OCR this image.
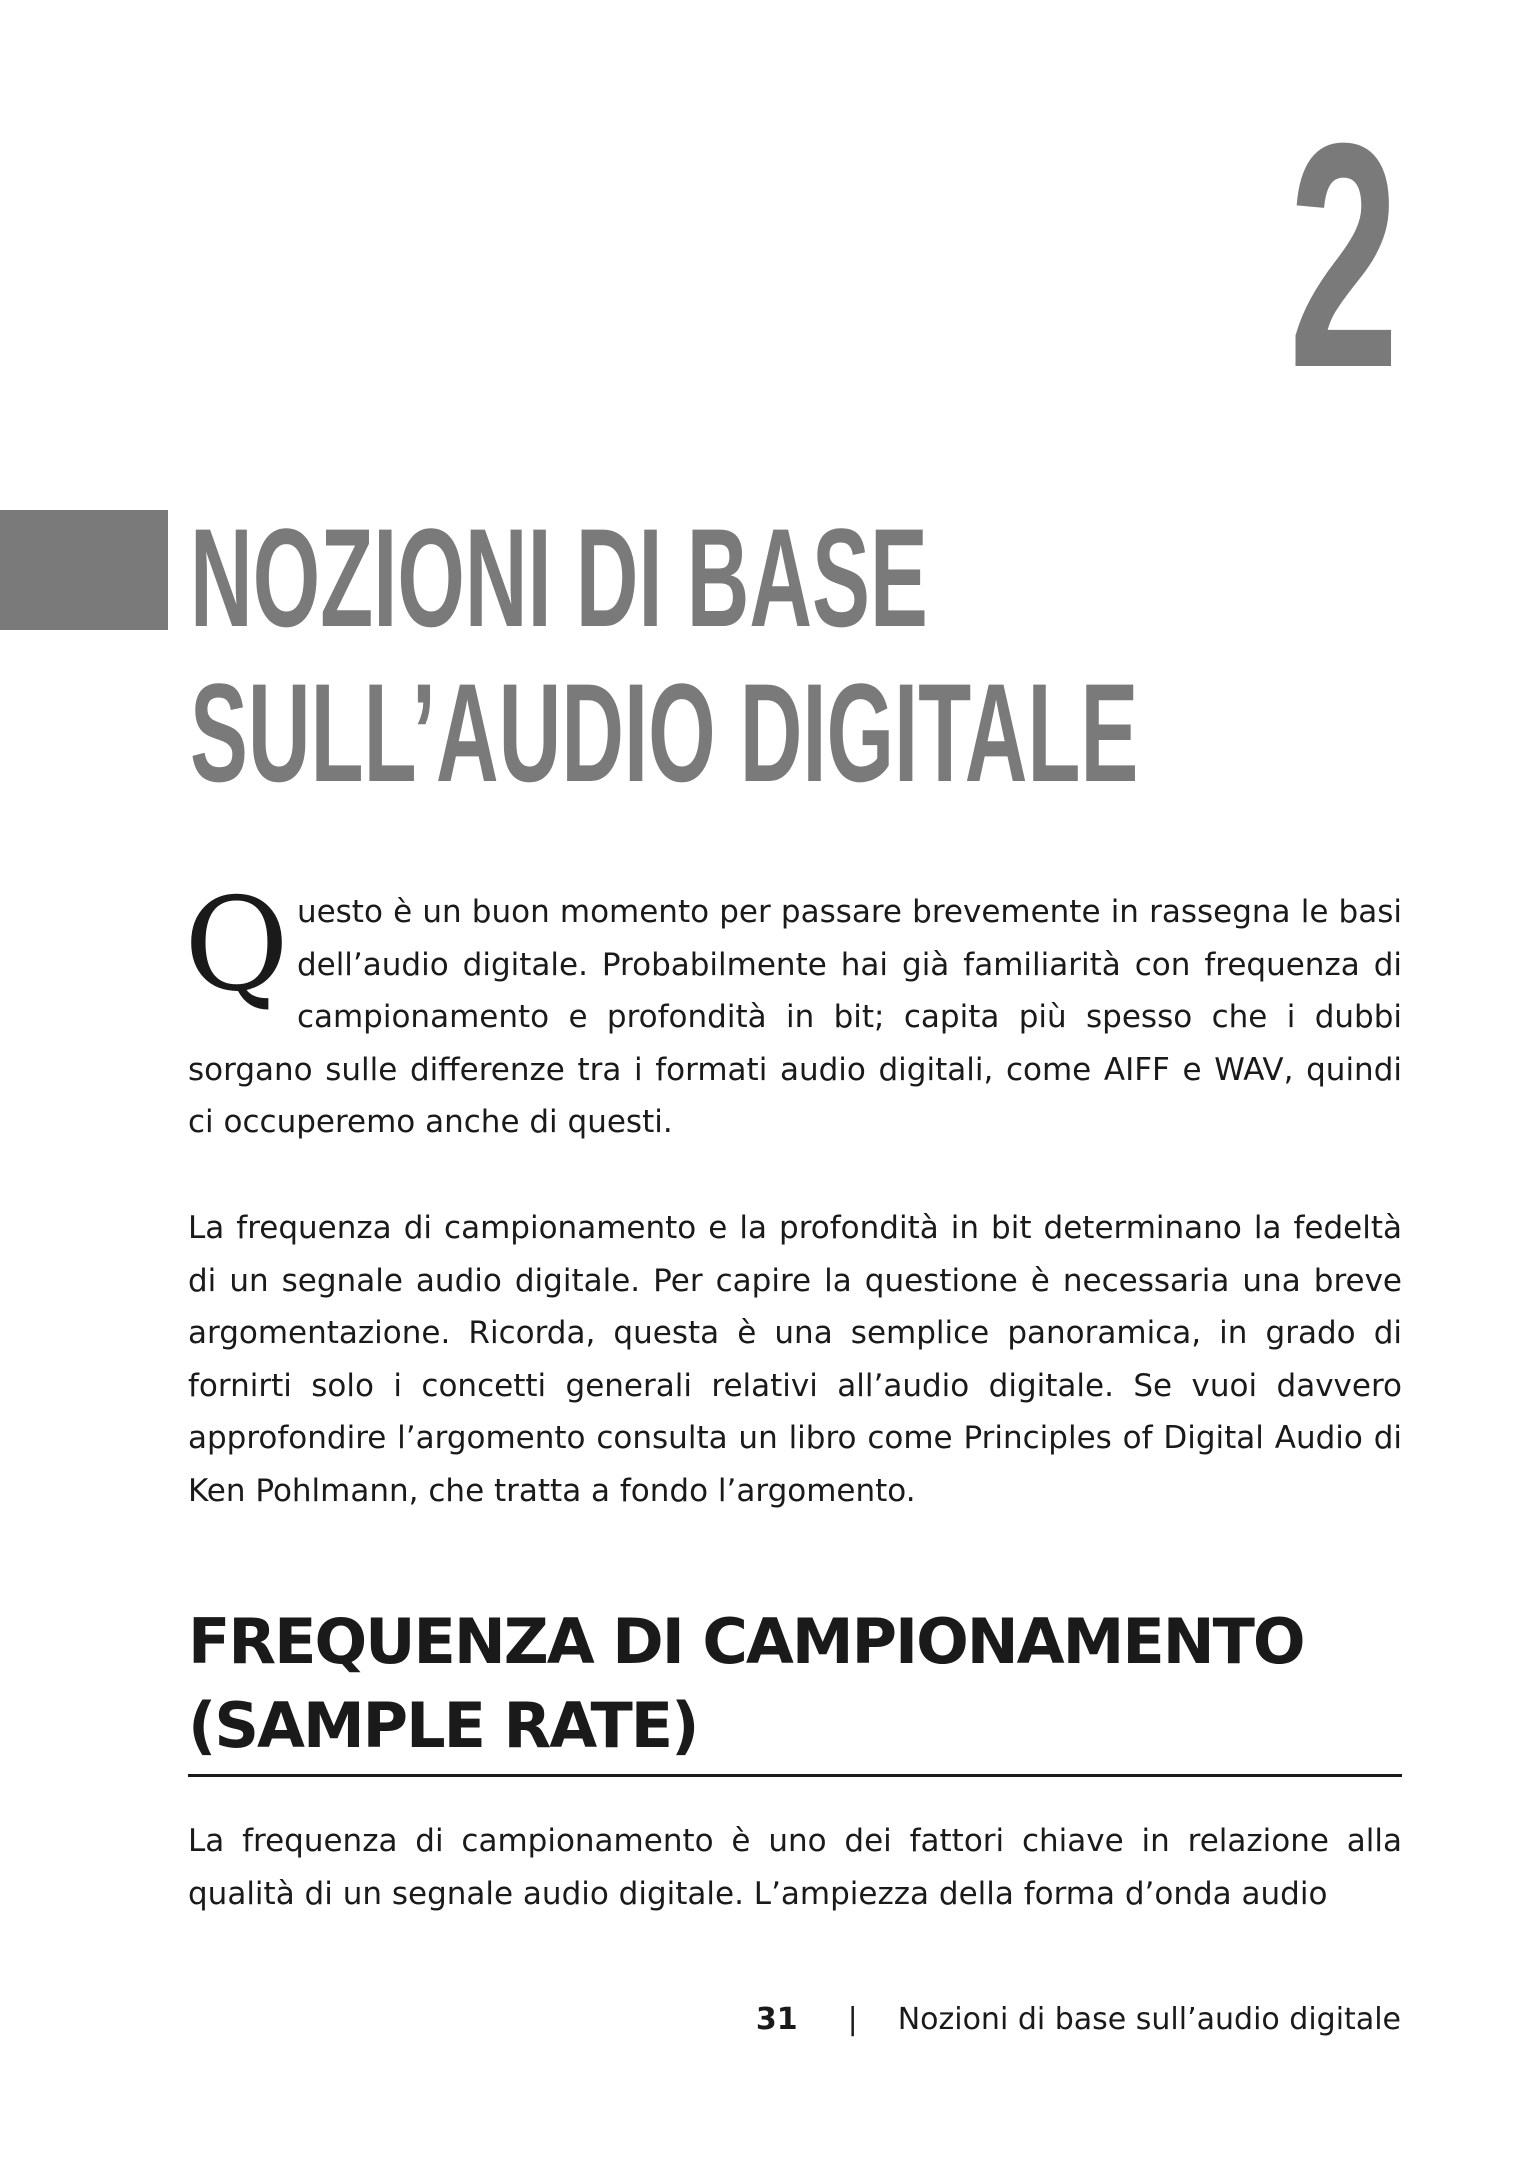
2
NOZIONI DI BASE
SULL’AUDIO DIGITALE

Questo è un buon momento per passare brevemente in rassegna le basi dell’audio digitale. Probabilmente hai già familiarità con frequenza di campionamento e profondità in bit; capita più spesso che i dubbi sorgano sulle differenze tra i formati audio digitali, come AIFF e WAV, quindi ci occuperemo anche di questi.

La frequenza di campionamento e la profondità in bit determinano la fedeltà di un segnale audio digitale. Per capire la questione è necessaria una breve argomentazione. Ricorda, questa è una semplice panoramica, in grado di fornirti solo i concetti generali relativi all’audio digitale. Se vuoi davvero approfondire l’argomento consulta un libro come Principles of Digital Audio di Ken Pohlmann, che tratta a fondo l’argomento.

FREQUENZA DI CAMPIONAMENTO
(SAMPLE RATE)

La frequenza di campionamento è uno dei fattori chiave in relazione alla qualità di un segnale audio digitale. L’ampiezza della forma d’onda audio

31 | Nozioni di base sull’audio digitale
